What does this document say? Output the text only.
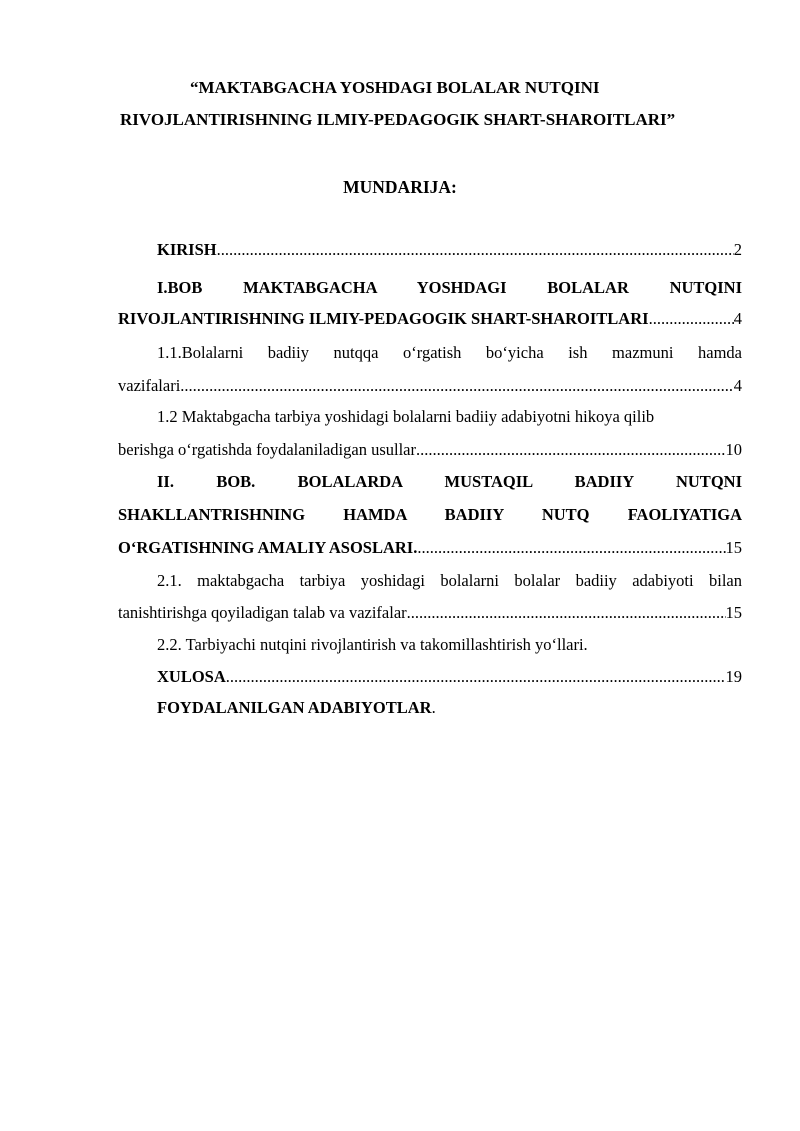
“MAKTABGACHA YOSHDAGI BOLALAR NUTQINI
RIVOJLANTIRISHNING ILMIY-PEDAGOGIK SHART-SHAROITLARI”
MUNDARIJA:
KIRISH .....	2
I.BOB MAKTABGACHA YOSHDAGI BOLALAR NUTQINI
RIVOJLANTIRISHNING ILMIY-PEDAGOGIK SHART-SHAROITLARI .....	4
1.1.Bolalarni badiiy nutqqa o‘rgatish bo‘yicha ish mazmuni hamda
vazifalari .....	4
1.2 Maktabgacha tarbiya yoshidagi bolalarni badiiy adabiyotni hikoya qilib
berishga o‘rgatishda foydalaniladigan usullar .....	10
II. BOB. BOLALARDA MUSTAQIL BADIIY NUTQNI
SHAKLLANTRISHNING HAMDA BADIIY NUTQ FAOLIYATIGA
O‘RGATISHNING AMALIY ASOSLARI. .....	15
2.1. maktabgacha tarbiya yoshidagi bolalarni bolalar badiiy adabiyoti bilan
tanishtirishga qoyiladigan talab va vazifalar .....	15
2.2. Tarbiyachi nutqini rivojlantirish va takomillashtirish yo‘llari.
XULOSA .....	19
FOYDALANILGAN ADABIYOTLAR.
